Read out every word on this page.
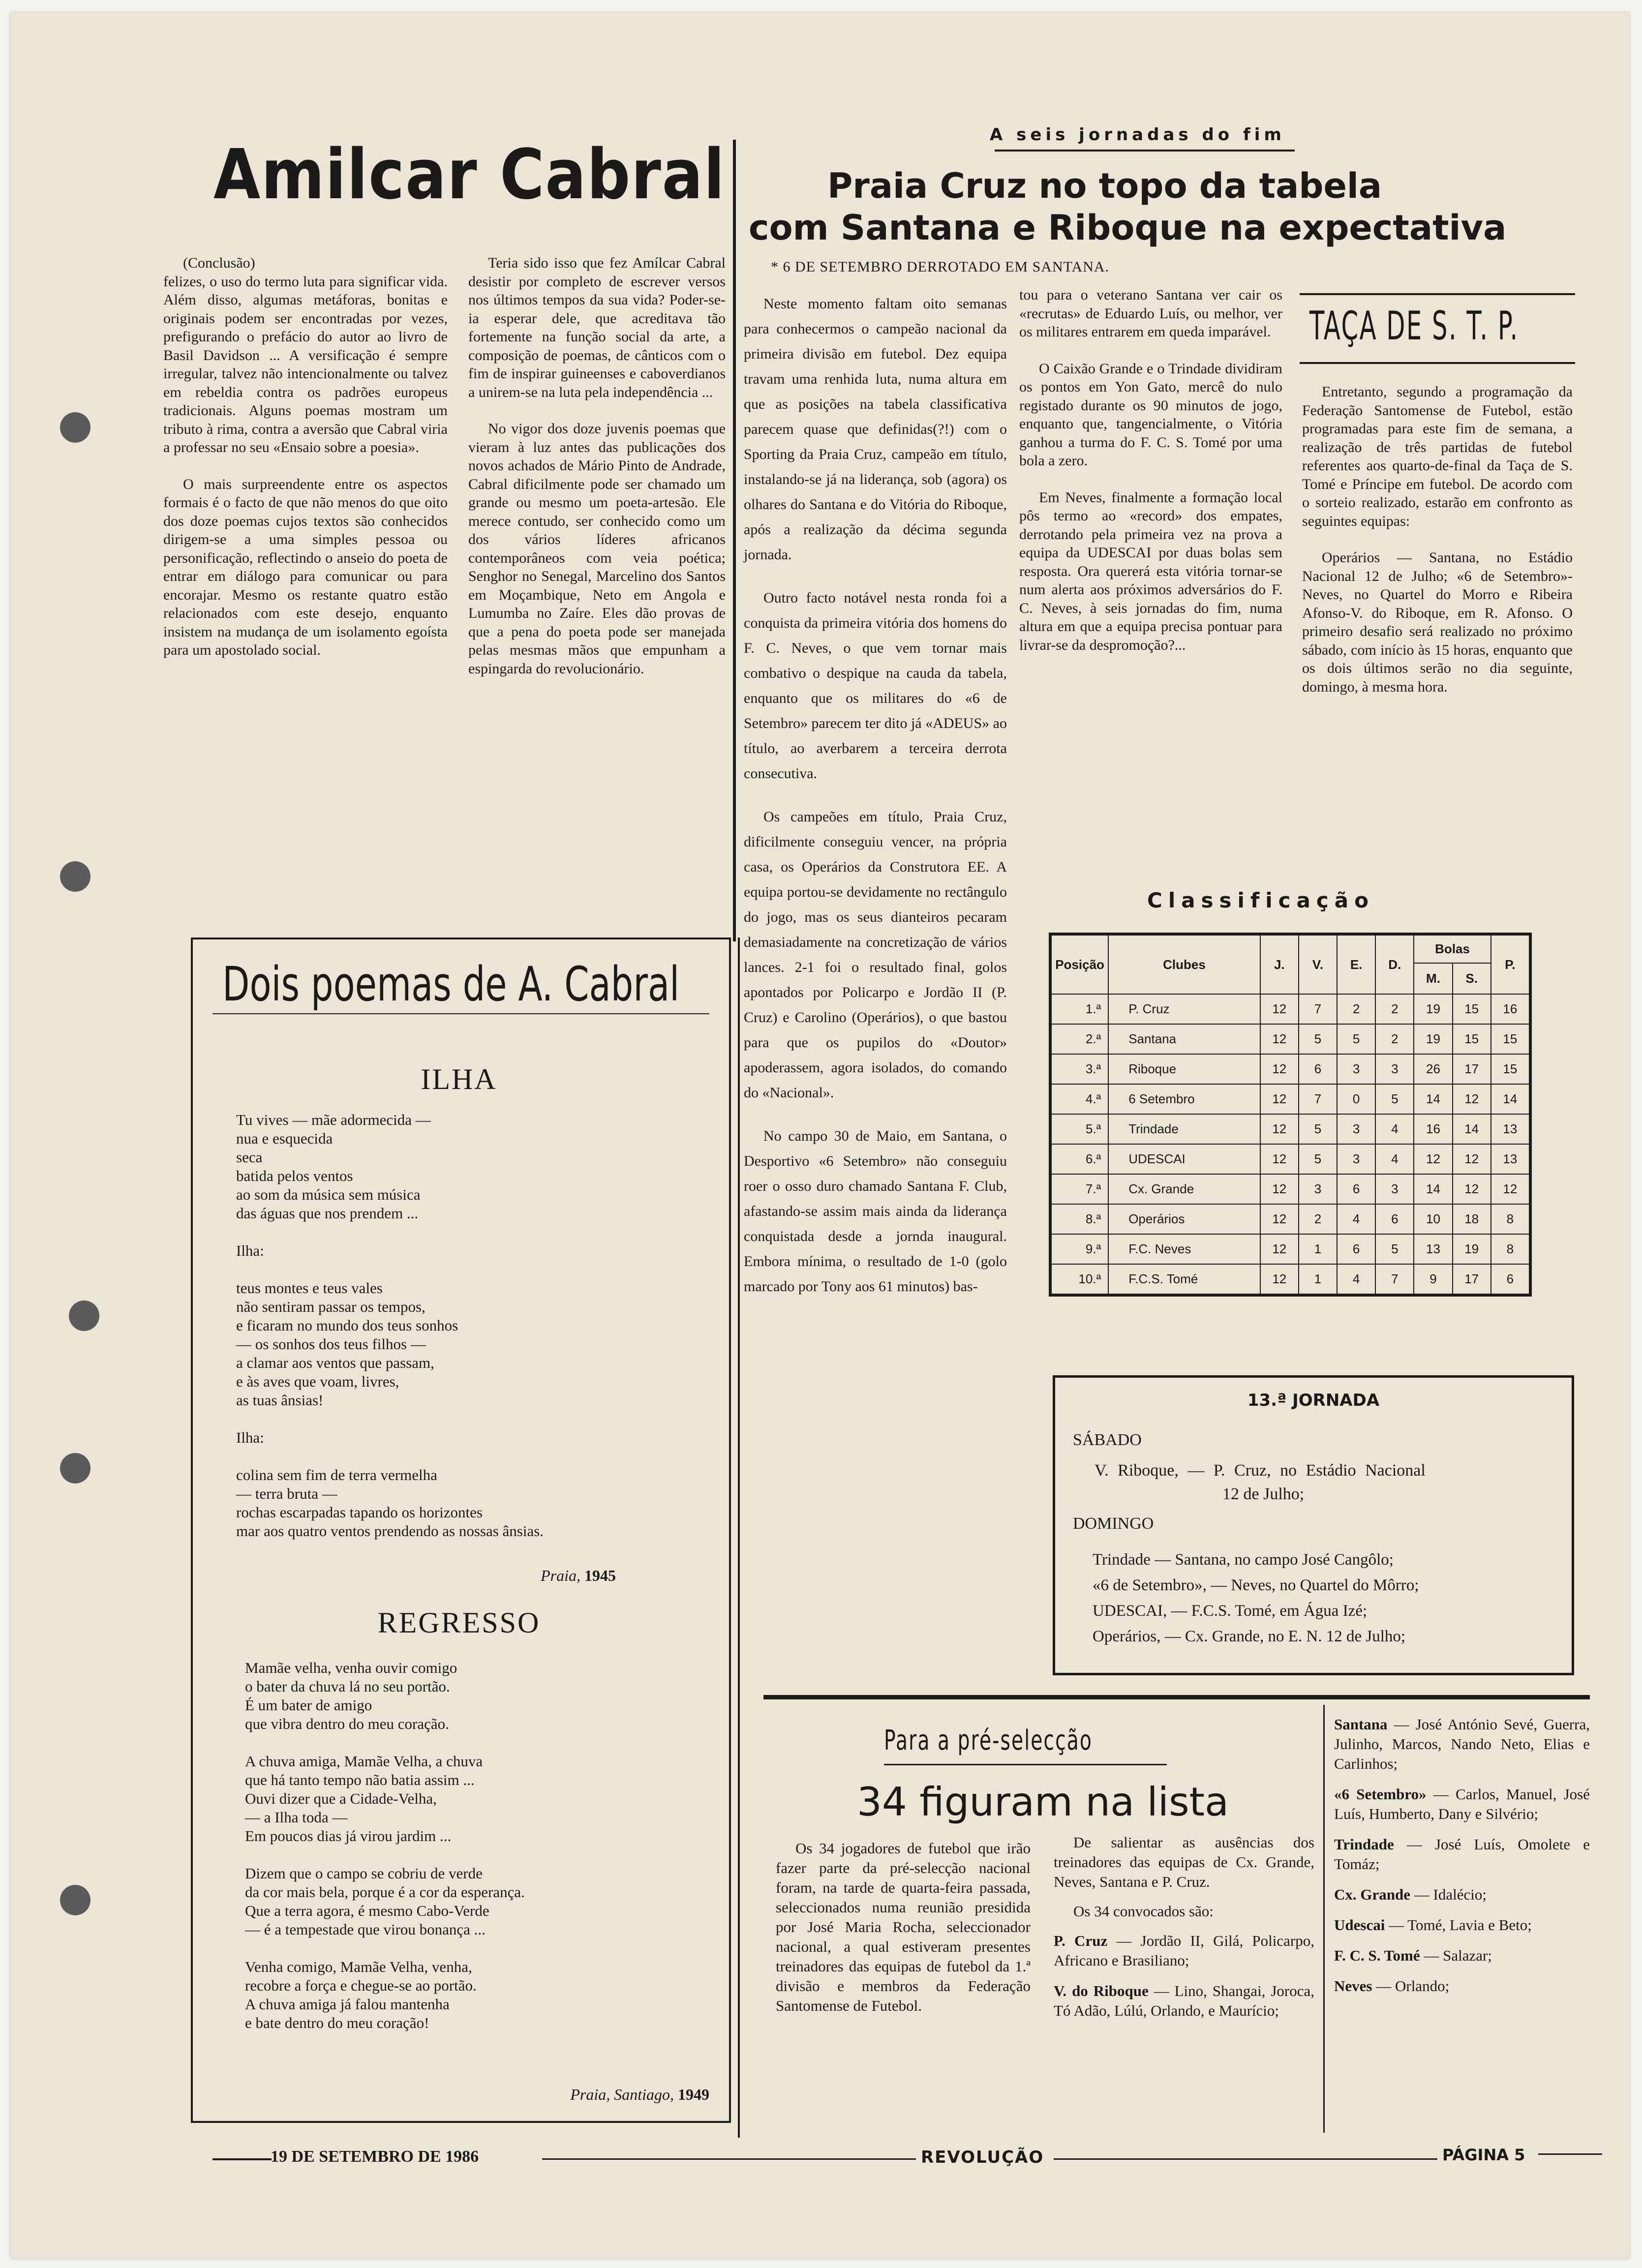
Amilcar Cabral

(Conclusão)

felizes, o uso do termo luta para significar vida. Além disso, algumas metáforas, bonitas e originais podem ser encontradas por vezes, prefigurando o prefácio do autor ao livro de Basil Davidson ... A versificação é sempre irregular, talvez não intencionalmente ou talvez em rebeldia contra os padrões europeus tradicionais. Alguns poemas mostram um tributo à rima, contra a aversão que Cabral viria a professar no seu «Ensaio sobre a poesia».

O mais surpreendente entre os aspectos formais é o facto de que não menos do que oito dos doze poemas cujos textos são conhecidos dirigem-se a uma simples pessoa ou personificação, reflectindo o anseio do poeta de entrar em diálogo para comunicar ou para encorajar. Mesmo os restante quatro estão relacionados com este desejo, enquanto insistem na mudança de um isolamento egoísta para um apostolado social.

Teria sido isso que fez Amílcar Cabral desistir por completo de escrever versos nos últimos tempos da sua vida? Poder-se-ia esperar dele, que acreditava tão fortemente na função social da arte, a composição de poemas, de cânticos com o fim de inspirar guineenses e caboverdianos a unirem-se na luta pela independência ...

No vigor dos doze juvenis poemas que vieram à luz antes das publicações dos novos achados de Mário Pinto de Andrade, Cabral dificilmente pode ser chamado um grande ou mesmo um poeta-artesão. Ele merece contudo, ser conhecido como um dos vários líderes africanos contemporâneos com veia poética; Senghor no Senegal, Marcelino dos Santos em Moçambique, Neto em Angola e Lumumba no Zaíre. Eles dão provas de que a pena do poeta pode ser manejada pelas mesmas mãos que empunham a espingarda do revolucionário.

Dois poemas de A. Cabral
ILHA
Tu vives — mãe adormecida —
nua e esquecida
seca
batida pelos ventos
ao som da música sem música
das águas que nos prendem ...
Ilha:
teus montes e teus vales
não sentiram passar os tempos,
e ficaram no mundo dos teus sonhos
— os sonhos dos teus filhos —
a clamar aos ventos que passam,
e às aves que voam, livres,
as tuas ânsias!
Ilha:
colina sem fim de terra vermelha
— terra bruta —
rochas escarpadas tapando os horizontes
mar aos quatro ventos prendendo as nossas ânsias.
Praia, 1945
REGRESSO
Mamãe velha, venha ouvir comigo
o bater da chuva lá no seu portão.
É um bater de amigo
que vibra dentro do meu coração.
A chuva amiga, Mamãe Velha, a chuva
que há tanto tempo não batia assim ...
Ouvi dizer que a Cidade-Velha,
— a Ilha toda —
Em poucos dias já virou jardim ...
Dizem que o campo se cobriu de verde
da cor mais bela, porque é a cor da esperança.
Que a terra agora, é mesmo Cabo-Verde
— é a tempestade que virou bonança ...
Venha comigo, Mamãe Velha, venha,
recobre a força e chegue-se ao portão.
A chuva amiga já falou mantenha
e bate dentro do meu coração!
Praia, Santiago, 1949
A seis jornadas do fim
Praia Cruz no topo da tabela
com Santana e Riboque na expectativa
* 6 DE SETEMBRO DERROTADO EM SANTANA.

Neste momento faltam oito semanas para conhecermos o campeão nacional da primeira divisão em futebol. Dez equipa travam uma renhida luta, numa altura em que as posições na tabela classificativa parecem quase que definidas(?!) com o Sporting da Praia Cruz, campeão em título, instalando-se já na liderança, sob (agora) os olhares do Santana e do Vitória do Riboque, após a realização da décima segunda jornada.

Outro facto notável nesta ronda foi a conquista da primeira vitória dos homens do F. C. Neves, o que vem tornar mais combativo o despique na cauda da tabela, enquanto que os militares do «6 de Setembro» parecem ter dito já «ADEUS» ao título, ao averbarem a terceira derrota consecutiva.

Os campeões em título, Praia Cruz, dificilmente conseguiu vencer, na própria casa, os Operários da Construtora EE. A equipa portou-se devidamente no rectângulo do jogo, mas os seus dianteiros pecaram demasiadamente na concretização de vários lances. 2-1 foi o resultado final, golos apontados por Policarpo e Jordão II (P. Cruz) e Carolino (Operários), o que bastou para que os pupilos do «Doutor» apoderassem, agora isolados, do comando do «Nacional».

No campo 30 de Maio, em Santana, o Desportivo «6 Setembro» não conseguiu roer o osso duro chamado Santana F. Club, afastando-se assim mais ainda da liderança conquistada desde a jornda inaugural. Embora mínima, o resultado de 1-0 (golo marcado por Tony aos 61 minutos) bas-

tou para o veterano Santana ver cair os «recrutas» de Eduardo Luís, ou melhor, ver os militares entrarem em queda imparável.

O Caixão Grande e o Trindade dividiram os pontos em Yon Gato, mercê do nulo registado durante os 90 minutos de jogo, enquanto que, tangencialmente, o Vitória ganhou a turma do F. C. S. Tomé por uma bola a zero.

Em Neves, finalmente a formação local pôs termo ao «record» dos empates, derrotando pela primeira vez na prova a equipa da UDESCAI por duas bolas sem resposta. Ora quererá esta vitória tornar-se num alerta aos próximos adversários do F. C. Neves, à seis jornadas do fim, numa altura em que a equipa precisa pontuar para livrar-se da despromoção?...

TAÇA DE S. T. P.

Entretanto, segundo a programação da Federação Santomense de Futebol, estão programadas para este fim de semana, a realização de três partidas de futebol referentes aos quarto-de-final da Taça de S. Tomé e Príncipe em futebol. De acordo com o sorteio realizado, estarão em confronto as seguintes equipas:

Operários — Santana, no Estádio Nacional 12 de Julho; «6 de Setembro»-Neves, no Quartel do Morro e Ribeira Afonso-V. do Riboque, em R. Afonso. O primeiro desafio será realizado no próximo sábado, com início às 15 horas, enquanto que os dois últimos serão no dia seguinte, domingo, à mesma hora.

Classificação
Posição	Clubes	J.	V.	E.	D.	Bolas		P.
						M.	S.	
1.ª	P. Cruz	12	7	2	2	19	15	16
2.ª	Santana	12	5	5	2	19	15	15
3.ª	Riboque	12	6	3	3	26	17	15
4.ª	6 Setembro	12	7	0	5	14	12	14
5.ª	Trindade	12	5	3	4	16	14	13
6.ª	UDESCAI	12	5	3	4	12	12	13
7.ª	Cx. Grande	12	3	6	3	14	12	12
8.ª	Operários	12	2	4	6	10	18	8
9.ª	F.C. Neves	12	1	6	5	13	19	8
10.ª	F.C.S. Tomé	12	1	4	7	9	17	6
13.ª JORNADA
SÁBADO
V. Riboque, — P. Cruz, no Estádio Nacional
12 de Julho;
DOMINGO
Trindade — Santana, no campo José Cangôlo;
«6 de Setembro», — Neves, no Quartel do Môrro;
UDESCAI, — F.C.S. Tomé, em Água Izé;
Operários, — Cx. Grande, no E. N. 12 de Julho;
Para a pré-selecção
34 figuram na lista

Os 34 jogadores de futebol que irão fazer parte da pré-selecção nacional foram, na tarde de quarta-feira passada, seleccionados numa reunião presidida por José Maria Rocha, seleccionador nacional, a qual estiveram presentes treinadores das equipas de futebol da 1.ª divisão e membros da Federação Santomense de Futebol.

De salientar as ausências dos treinadores das equipas de Cx. Grande, Neves, Santana e P. Cruz.

Os 34 convocados são:

P. Cruz — Jordão II, Gilá, Policarpo, Africano e Brasiliano;

V. do Riboque — Lino, Shangai, Joroca, Tó Adão, Lúlú, Orlando, e Maurício;

Santana — José António Sevé, Guerra, Julinho, Marcos, Nando Neto, Elias e Carlinhos;

«6 Setembro» — Carlos, Manuel, José Luís, Humberto, Dany e Silvério;

Trindade — José Luís, Omolete e Tomáz;

Cx. Grande — Idalécio;

Udescai — Tomé, Lavia e Beto;

F. C. S. Tomé — Salazar;

Neves — Orlando;

19 DE SETEMBRO DE 1986	REVOLUÇÃO	PÁGINA 5
